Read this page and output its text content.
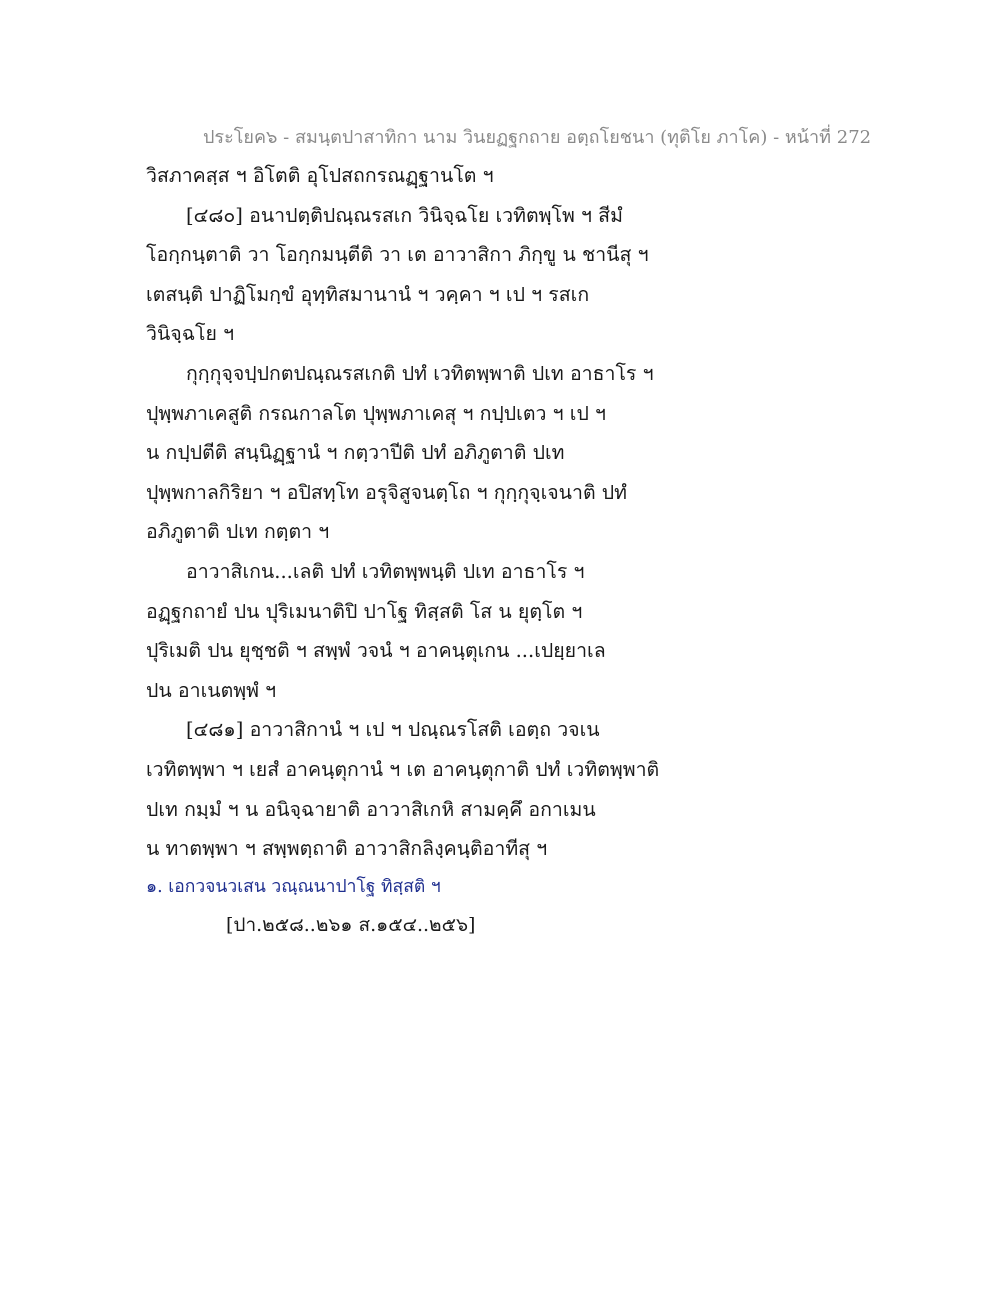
ประโยค๖ - สมนฺตปาสาทิกา นาม วินยฏฐกถาย อตฺถโยชนา (ทุติโย ภาโค) - หน้าที่ 272
วิสภาคสฺส ฯ อิโตติ อุโปสถกรณฏฺฐานโต ฯ
[๔๘๐] อนาปตฺติปณฺณรสเก วินิจฺฉโย เวทิตพฺโพ ฯ สีมํ
โอกฺกนฺตาติ วา โอกฺกมนฺตีติ วา เต อาวาสิกา ภิกฺขู น ชานีสุ ฯ
เตสนฺติ ปาฏิโมกฺขํ อุทฺทิสมานานํ ฯ วคฺคา ฯ เป ฯ รสเก
วินิจฺฉโย ฯ
กุกฺกุจฺจปฺปกตปณฺณรสเกติ ปทํ เวทิตพฺพาติ ปเท อาธาโร ฯ
ปุพฺพภาเคสูติ กรณกาลโต ปุพฺพภาเคสุ ฯ กปฺปเตว ฯ เป ฯ
น กปฺปตีติ สนฺนิฏฺฐานํ ฯ กตฺวาปีติ ปทํ อภิภูตาติ ปเท
ปุพฺพกาลกิริยา ฯ อปิสทฺโท อรุจิสูจนตฺโถ ฯ กุกฺกุจฺเจนาติ ปทํ
อภิภูตาติ ปเท กตฺตา ฯ
อาวาสิเกน...เลติ ปทํ เวทิตพฺพนฺติ ปเท อาธาโร ฯ
อฏฺฐกถายํ ปน ปุริเมนาติปิ ปาโฐ ทิสฺสติ โส น ยุตฺโต ฯ
ปุริเมติ ปน ยุชฺชติ ฯ สพฺพํ วจนํ ฯ อาคนฺตุเกน ...เปยฺยาเล
ปน อาเนตพฺพํ ฯ
[๔๘๑] อาวาสิกานํ ฯ เป ฯ ปณฺณรโสติ เอตฺถ วจเน
เวทิตพฺพา ฯ เยสํ อาคนฺตุกานํ ฯ เต อาคนฺตุกาติ ปทํ เวทิตพฺพาติ
ปเท กมฺมํ ฯ น อนิจฺฉายาติ อาวาสิเกหิ สามคฺคึ อกาเมน
น ทาตพฺพา ฯ สพฺพตฺถาติ อาวาสิกลิงฺคนฺติอาทีสุ ฯ
๑. เอกวจนวเสน วณฺณนาปาโฐ ทิสฺสติ ฯ
[ปา.๒๕๘..๒๖๑ ส.๑๕๔..๒๕๖]
